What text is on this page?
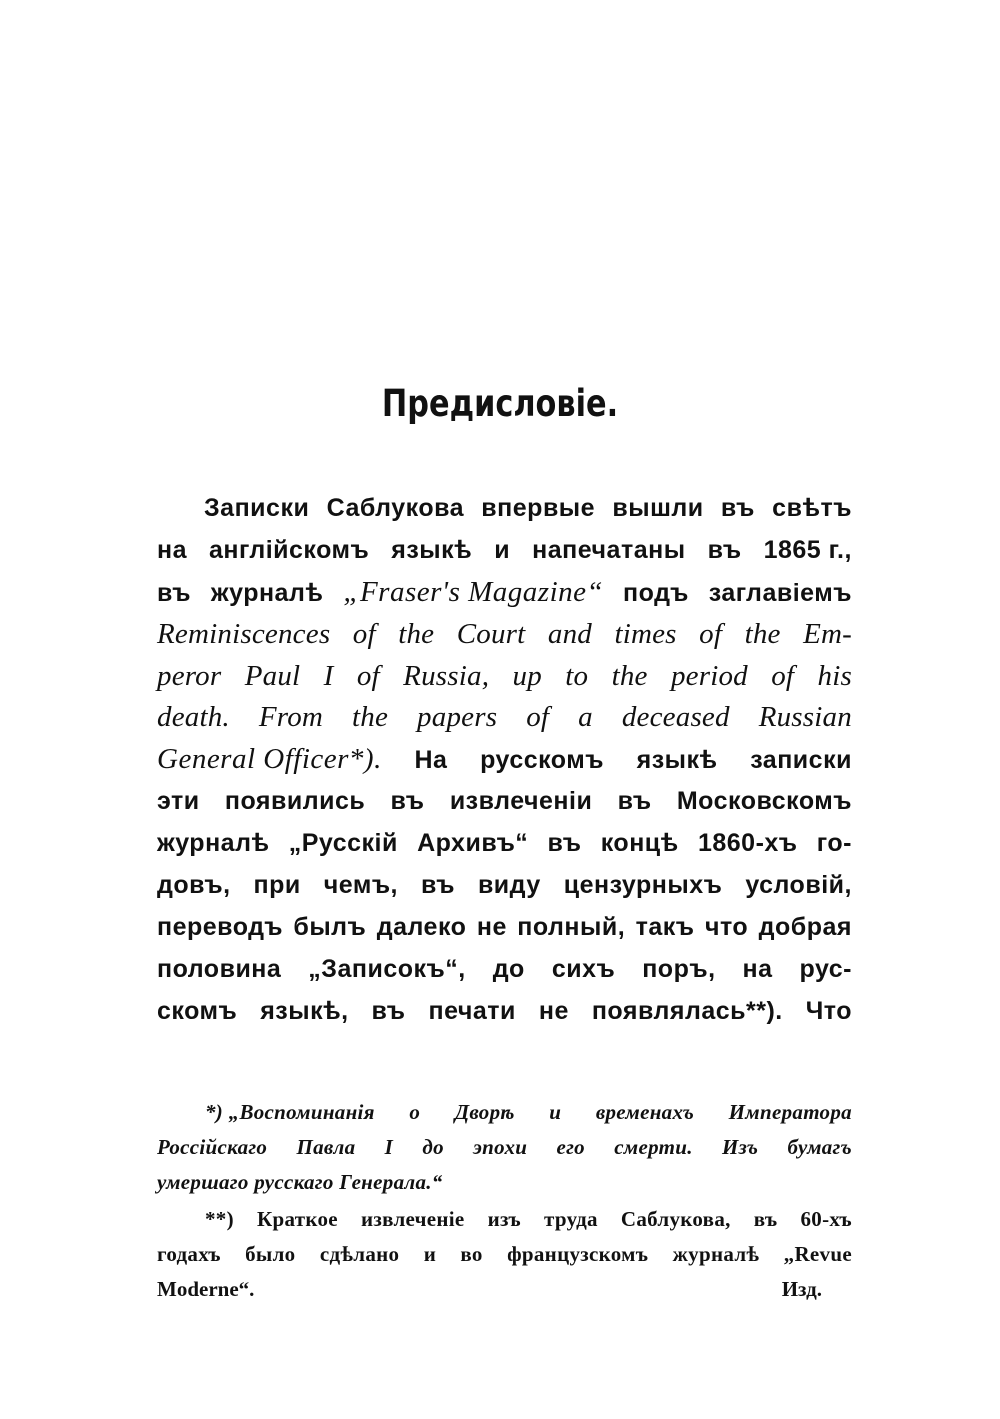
Предисловіе.
Записки Саблукова впервые вышли въ свѣтъ
на англійскомъ языкѣ и напечатаны въ 1865 г.,
въ журналѣ „Fraser's Magazine“ подъ заглавіемъ
Reminiscences of the Court and times of the Em-
peror Paul I of Russia, up to the period of his
death. From the papers of a deceased Russian
General Officer*). На русскомъ языкѣ записки
эти появились въ извлеченіи въ Московскомъ
журналѣ „Русскій Архивъ“ въ концѣ 1860-хъ го-
довъ, при чемъ, въ виду цензурныхъ условій,
переводъ былъ далеко не полный, такъ что добрая
половина „Записокъ“, до сихъ поръ, на рус-
скомъ языкѣ, въ печати не появлялась**). Что
*) „Воспоминанія о Дворѣ и временахъ Императора
Россійскаго Павла I до эпохи его смерти. Изъ бумагъ
умершаго русскаго Генерала.“
**) Краткое извлеченіе изъ труда Саблукова, въ 60-хъ
годахъ было сдѣлано и во французскомъ журналѣ „Revue
Moderne“.	Изд.
